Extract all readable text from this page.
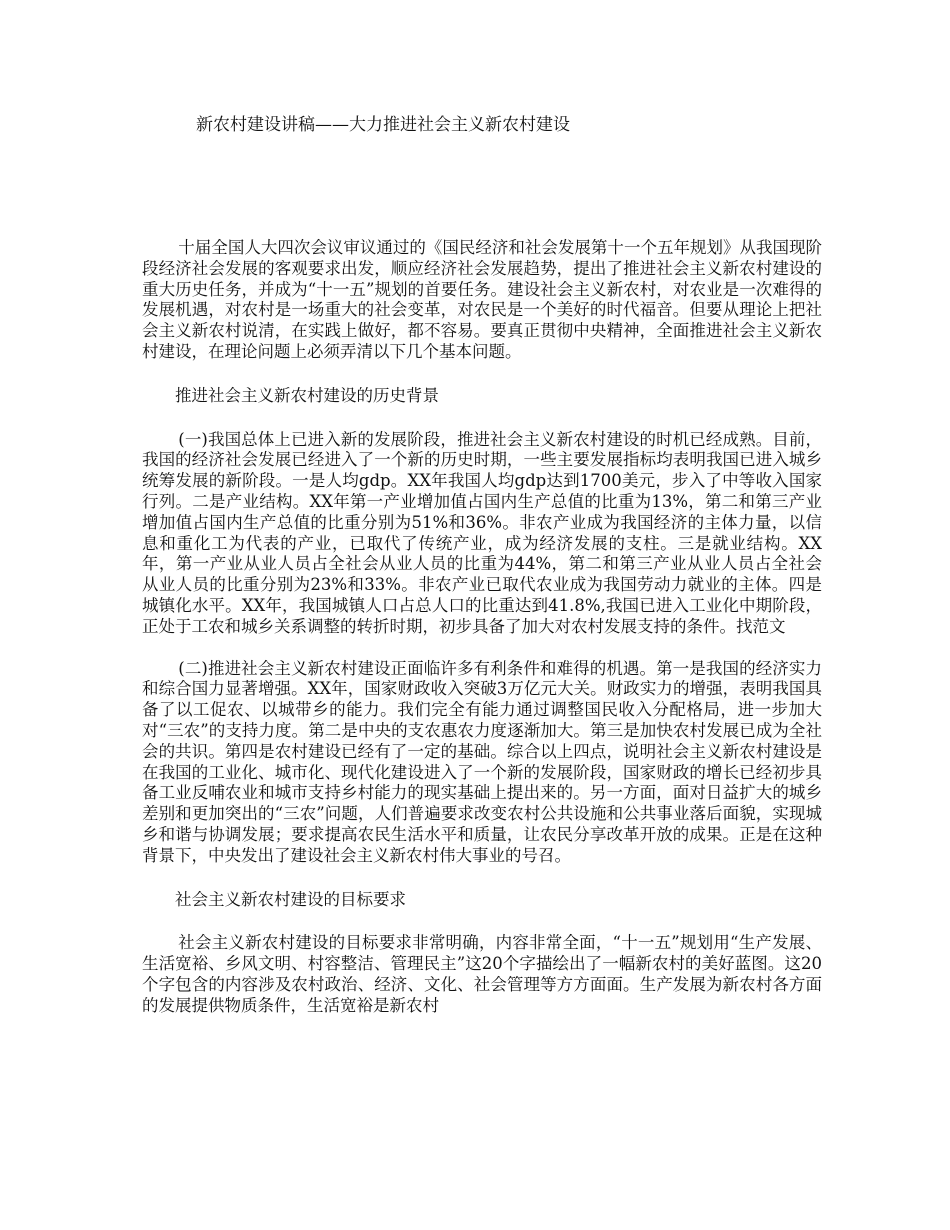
新农村建设讲稿——大力推进社会主义新农村建设

十届全国人大四次会议审议通过的《国民经济和社会发展第十一个五年规划》从我国现阶段经济社会发展的客观要求出发，顺应经济社会发展趋势，提出了推进社会主义新农村建设的重大历史任务，并成为“十一五”规划的首要任务。建设社会主义新农村，对农业是一次难得的发展机遇，对农村是一场重大的社会变革，对农民是一个美好的时代福音。但要从理论上把社会主义新农村说清，在实践上做好，都不容易。要真正贯彻中央精神，全面推进社会主义新农村建设，在理论问题上必须弄清以下几个基本问题。

推进社会主义新农村建设的历史背景

(一)我国总体上已进入新的发展阶段，推进社会主义新农村建设的时机已经成熟。目前，我国的经济社会发展已经进入了一个新的历史时期，一些主要发展指标均表明我国已进入城乡统筹发展的新阶段。一是人均gdp。XX年我国人均gdp达到1700美元，步入了中等收入国家行列。二是产业结构。XX年第一产业增加值占国内生产总值的比重为13%，第二和第三产业增加值占国内生产总值的比重分别为51%和36%。非农产业成为我国经济的主体力量，以信息和重化工为代表的产业，已取代了传统产业，成为经济发展的支柱。三是就业结构。XX年，第一产业从业人员占全社会从业人员的比重为44%，第二和第三产业从业人员占全社会从业人员的比重分别为23%和33%。非农产业已取代农业成为我国劳动力就业的主体。四是城镇化水平。XX年，我国城镇人口占总人口的比重达到41.8%,我国已进入工业化中期阶段，正处于工农和城乡关系调整的转折时期，初步具备了加大对农村发展支持的条件。找范文

(二)推进社会主义新农村建设正面临许多有利条件和难得的机遇。第一是我国的经济实力和综合国力显著增强。XX年，国家财政收入突破3万亿元大关。财政实力的增强，表明我国具备了以工促农、以城带乡的能力。我们完全有能力通过调整国民收入分配格局，进一步加大对“三农”的支持力度。第二是中央的支农惠农力度逐渐加大。第三是加快农村发展已成为全社会的共识。第四是农村建设已经有了一定的基础。综合以上四点，说明社会主义新农村建设是在我国的工业化、城市化、现代化建设进入了一个新的发展阶段，国家财政的增长已经初步具备工业反哺农业和城市支持乡村能力的现实基础上提出来的。另一方面，面对日益扩大的城乡差别和更加突出的“三农”问题，人们普遍要求改变农村公共设施和公共事业落后面貌，实现城乡和谐与协调发展；要求提高农民生活水平和质量，让农民分享改革开放的成果。正是在这种背景下，中央发出了建设社会主义新农村伟大事业的号召。

社会主义新农村建设的目标要求

社会主义新农村建设的目标要求非常明确，内容非常全面，“十一五”规划用“生产发展、生活宽裕、乡风文明、村容整洁、管理民主”这20个字描绘出了一幅新农村的美好蓝图。这20个字包含的内容涉及农村政治、经济、文化、社会管理等方方面面。生产发展为新农村各方面的发展提供物质条件，生活宽裕是新农村
